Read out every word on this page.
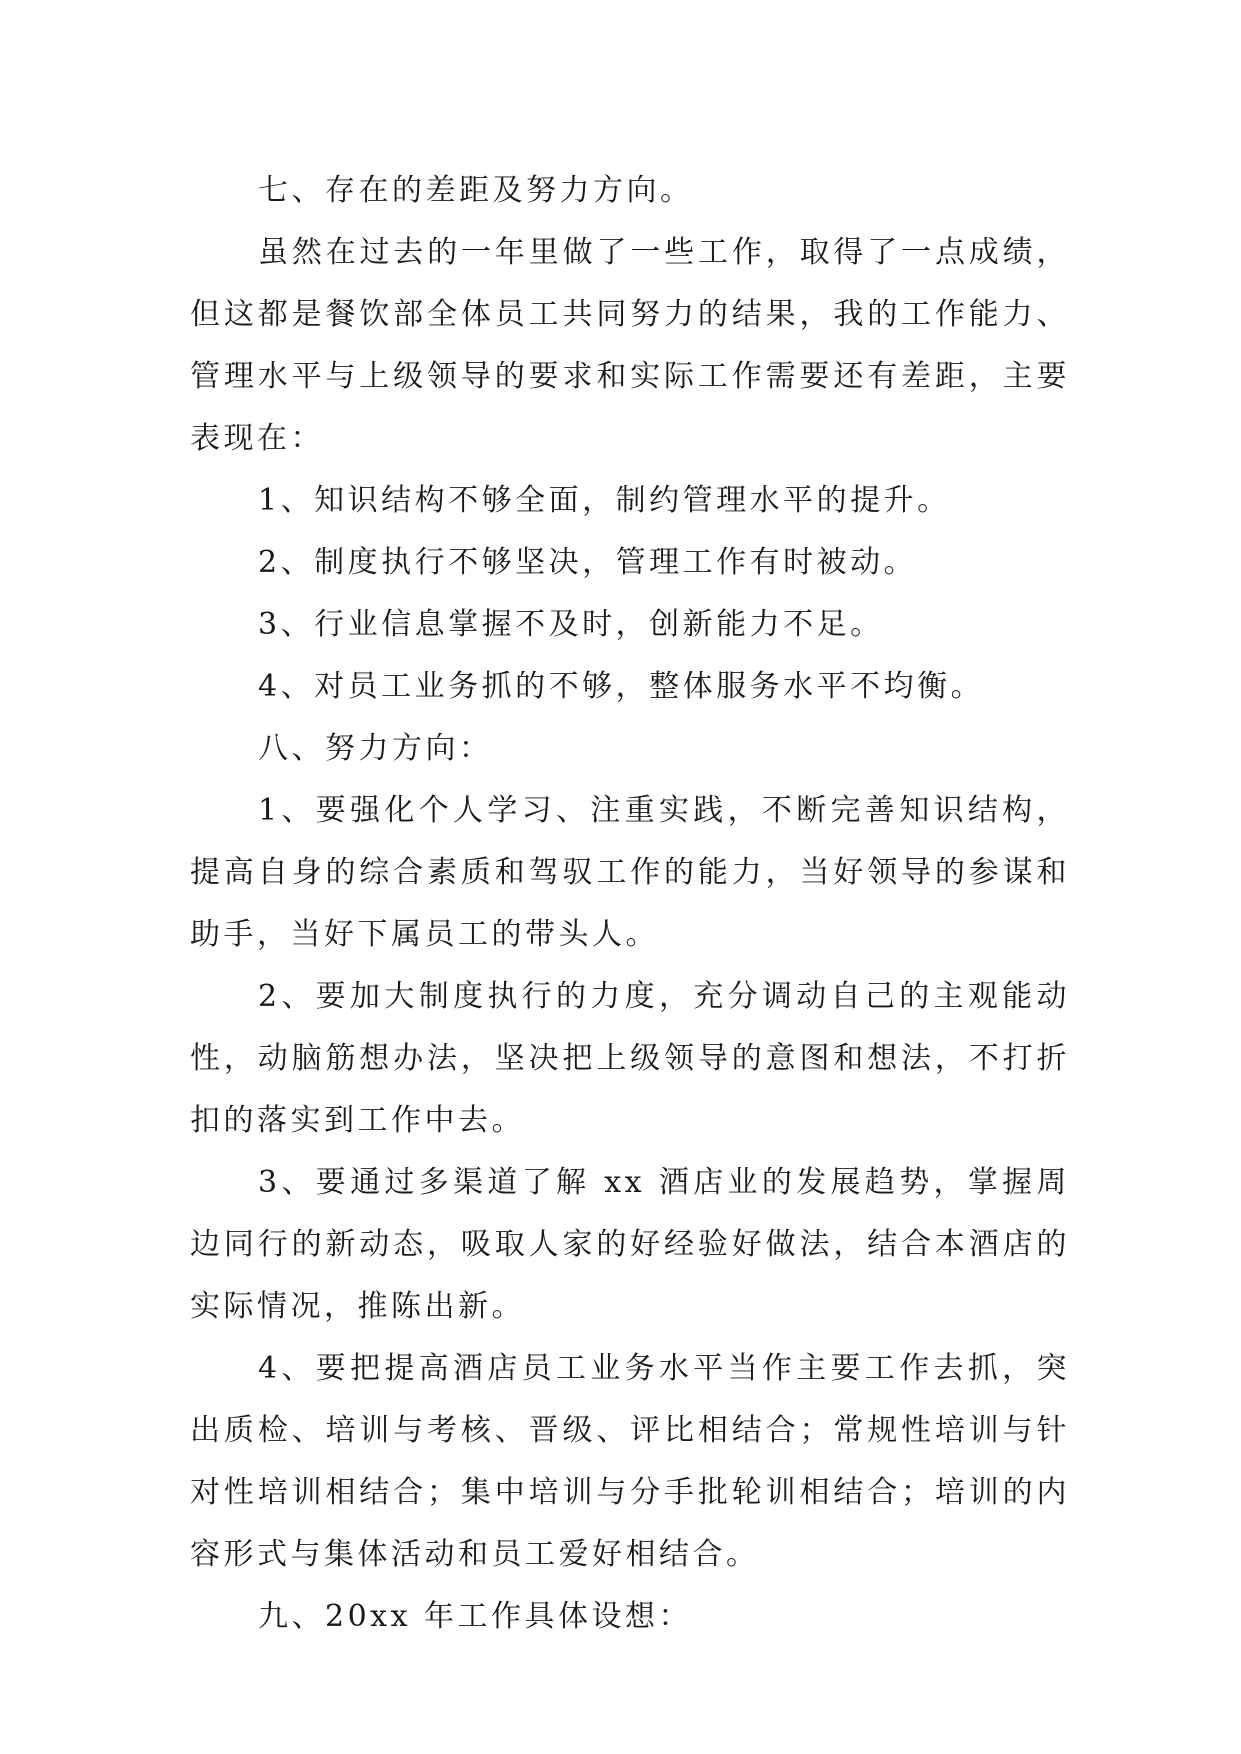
七、存在的差距及努力方向。

虽然在过去的一年里做了一些工作，取得了一点成绩，但这都是餐饮部全体员工共同努力的结果，我的工作能力、管理水平与上级领导的要求和实际工作需要还有差距，主要表现在：

1、知识结构不够全面，制约管理水平的提升。

2、制度执行不够坚决，管理工作有时被动。

3、行业信息掌握不及时，创新能力不足。

4、对员工业务抓的不够，整体服务水平不均衡。

八、努力方向：

1、要强化个人学习、注重实践，不断完善知识结构，提高自身的综合素质和驾驭工作的能力，当好领导的参谋和助手，当好下属员工的带头人。

2、要加大制度执行的力度，充分调动自己的主观能动性，动脑筋想办法，坚决把上级领导的意图和想法，不打折扣的落实到工作中去。

3、要通过多渠道了解 xx 酒店业的发展趋势，掌握周边同行的新动态，吸取人家的好经验好做法，结合本酒店的实际情况，推陈出新。

4、要把提高酒店员工业务水平当作主要工作去抓，突出质检、培训与考核、晋级、评比相结合；常规性培训与针对性培训相结合；集中培训与分手批轮训相结合；培训的内容形式与集体活动和员工爱好相结合。

九、20xx 年工作具体设想：
